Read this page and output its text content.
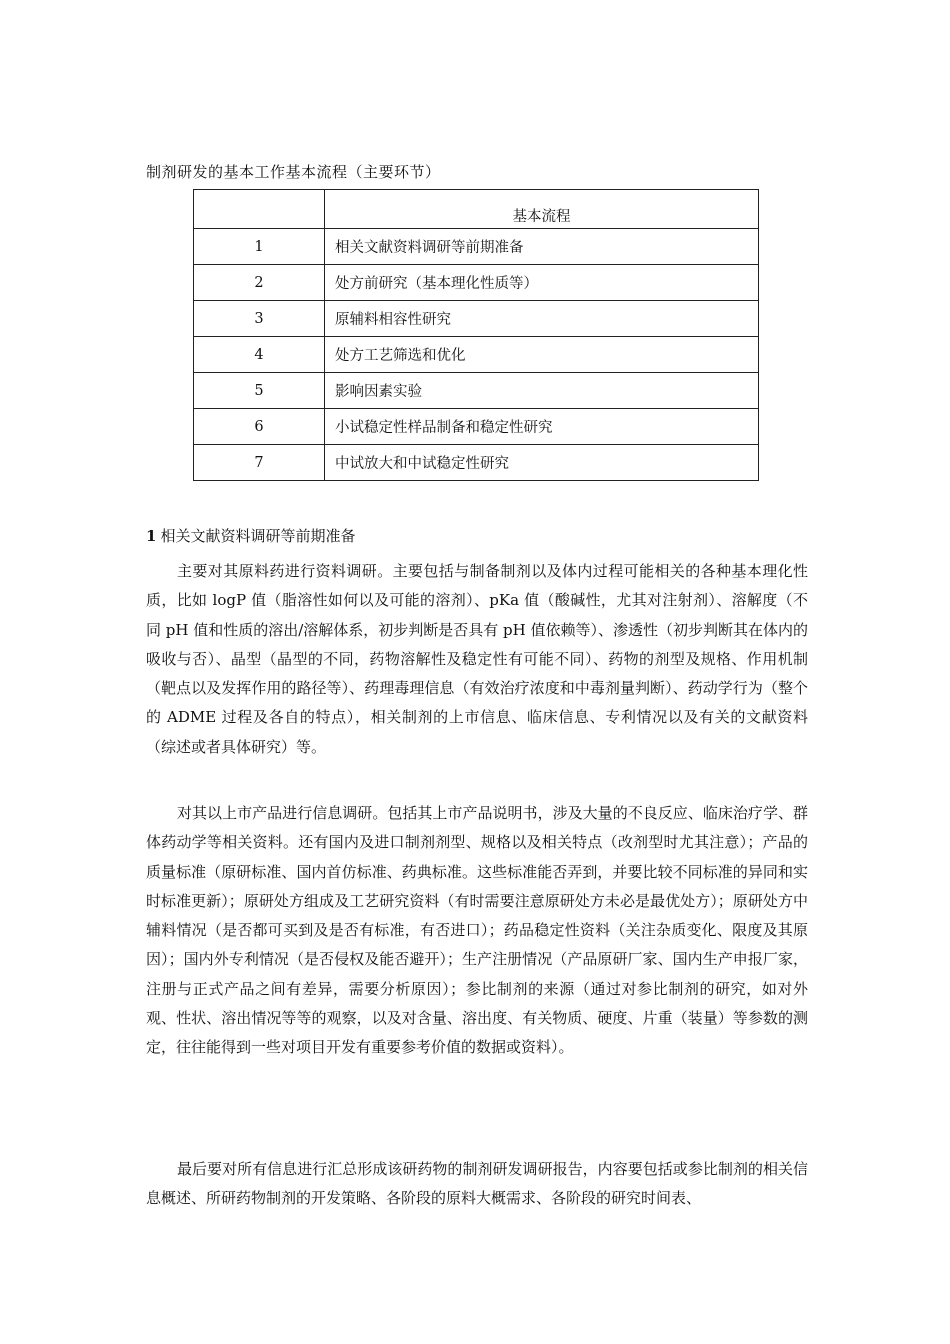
制剂研发的基本工作基本流程（主要环节）
	基本流程
1	相关文献资料调研等前期准备
2	处方前研究（基本理化性质等）
3	原辅料相容性研究
4	处方工艺筛选和优化
5	影响因素实验
6	小试稳定性样品制备和稳定性研究
7	中试放大和中试稳定性研究
1 相关文献资料调研等前期准备

主要对其原料药进行资料调研。主要包括与制备制剂以及体内过程可能相关的各种基本理化性质，比如 logP 值（脂溶性如何以及可能的溶剂）、pKa 值（酸碱性，尤其对注射剂）、溶解度（不同 pH 值和性质的溶出/溶解体系，初步判断是否具有 pH 值依赖等）、渗透性（初步判断其在体内的吸收与否）、晶型（晶型的不同，药物溶解性及稳定性有可能不同）、药物的剂型及规格、作用机制（靶点以及发挥作用的路径等）、药理毒理信息（有效治疗浓度和中毒剂量判断）、药动学行为（整个的 ADME 过程及各自的特点），相关制剂的上市信息、临床信息、专利情况以及有关的文献资料（综述或者具体研究）等。

对其以上市产品进行信息调研。包括其上市产品说明书，涉及大量的不良反应、临床治疗学、群体药动学等相关资料。还有国内及进口制剂剂型、规格以及相关特点（改剂型时尤其注意）；产品的质量标准（原研标准、国内首仿标准、药典标准。这些标准能否弄到，并要比较不同标准的异同和实时标准更新）；原研处方组成及工艺研究资料（有时需要注意原研处方未必是最优处方）；原研处方中辅料情况（是否都可买到及是否有标准，有否进口）；药品稳定性资料（关注杂质变化、限度及其原因）；国内外专利情况（是否侵权及能否避开）；生产注册情况（产品原研厂家、国内生产申报厂家，注册与正式产品之间有差异，需要分析原因）；参比制剂的来源（通过对参比制剂的研究，如对外观、性状、溶出情况等等的观察，以及对含量、溶出度、有关物质、硬度、片重（装量）等参数的测定，往往能得到一些对项目开发有重要参考价值的数据或资料）。

最后要对所有信息进行汇总形成该研药物的制剂研发调研报告，内容要包括或参比制剂的相关信息概述、所研药物制剂的开发策略、各阶段的原料大概需求、各阶段的研究时间表、
